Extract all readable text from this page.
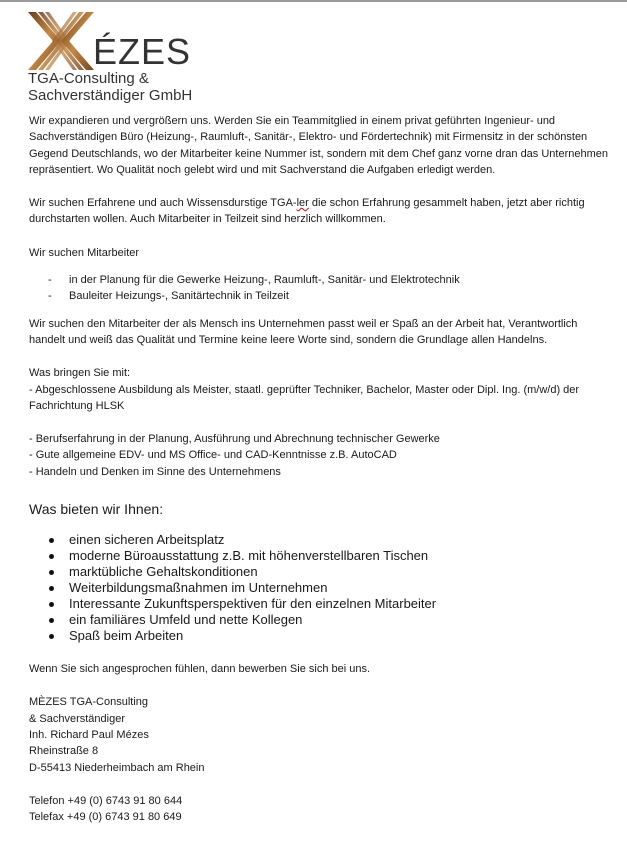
ÉZES
TGA-Consulting &
Sachverständiger GmbH

Wir expandieren und vergrößern uns. Werden Sie ein Teammitglied in einem privat geführten Ingenieur- und Sachverständigen Büro (Heizung-, Raumluft-, Sanitär-, Elektro- und Fördertechnik) mit Firmensitz in der schönsten Gegend Deutschlands, wo der Mitarbeiter keine Nummer ist, sondern mit dem Chef ganz vorne dran das Unternehmen repräsentiert. Wo Qualität noch gelebt wird und mit Sachverstand die Aufgaben erledigt werden.

Wir suchen Erfahrene und auch Wissensdurstige TGA-ler die schon Erfahrung gesammelt haben, jetzt aber richtig durchstarten wollen. Auch Mitarbeiter in Teilzeit sind herzlich willkommen.

Wir suchen Mitarbeiter

- in der Planung für die Gewerke Heizung-, Raumluft-, Sanitär- und Elektrotechnik
- Bauleiter Heizungs-, Sanitärtechnik in Teilzeit

Wir suchen den Mitarbeiter der als Mensch ins Unternehmen passt weil er Spaß an der Arbeit hat, Verantwortlich handelt und weiß das Qualität und Termine keine leere Worte sind, sondern die Grundlage allen Handelns.

Was bringen Sie mit:

- Abgeschlossene Ausbildung als Meister, staatl. geprüfter Techniker, Bachelor, Master oder Dipl. Ing. (m/w/d) der Fachrichtung HLSK

- Berufserfahrung in der Planung, Ausführung und Abrechnung technischer Gewerke

- Gute allgemeine EDV- und MS Office- und CAD-Kenntnisse z.B. AutoCAD

- Handeln und Denken im Sinne des Unternehmens

Was bieten wir Ihnen:

einen sicheren Arbeitsplatz
moderne Büroausstattung z.B. mit höhenverstellbaren Tischen
marktübliche Gehaltskonditionen
Weiterbildungsmaßnahmen im Unternehmen
Interessante Zukunftsperspektiven für den einzelnen Mitarbeiter
ein familiäres Umfeld und nette Kollegen
Spaß beim Arbeiten

Wenn Sie sich angesprochen fühlen, dann bewerben Sie sich bei uns.

MÈZES TGA-Consulting

& Sachverständiger

Inh. Richard Paul Mézes

Rheinstraße 8

D-55413 Niederheimbach am Rhein

Telefon +49 (0) 6743 91 80 644

Telefax +49 (0) 6743 91 80 649
